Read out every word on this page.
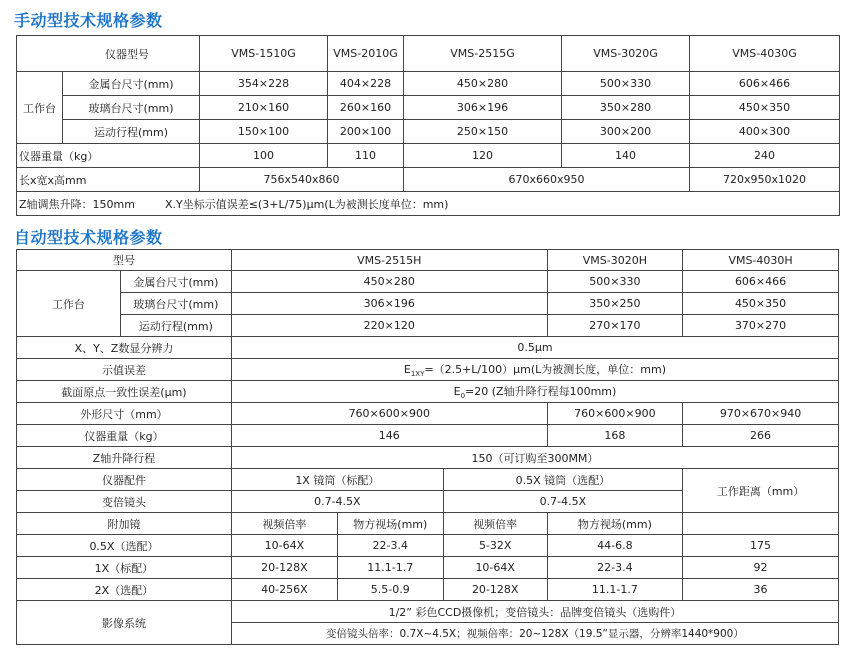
手动型技术规格参数
仪器型号		VMS-1510G	VMS-2010G	VMS-2515G	VMS-3020G	VMS-4030G
工作台	金属台尺寸(mm)	354×228	404×228	450×280	500×330	606×466
	玻璃台尺寸(mm)	210×160	260×160	306×196	350×280	450×350
	运动行程(mm)	150×100	200×100	250×150	300×200	400×300
仪器重量（kg）		100	110	120	140	240
长x宽x高mm		756x540x860		670x660x950		720x950x1020
Z轴调焦升降：150mm X.Y坐标示值误差≤(3+L/75)μm(L为被测长度单位：mm)						
自动型技术规格参数
型号		VMS-2515H			VMS-3020H	VMS-4030H
工作台	金属台尺寸(mm)	450×280			500×330	606×466
	玻璃台尺寸(mm)	306×196			350×250	450×350
	运动行程(mm)	220×120			270×170	370×270
X、Y、Z数显分辨力		0.5μm				
示值误差		$E_{1XY}=(2.5+L/100)\mu m(L$为被测长度，单位：mm)				
截面原点一致性误差(μm)		$E_0=20$ (Z轴升降行程每100mm)				
外形尺寸（mm）		760×600×900			760×600×900	970×670×940
仪器重量（kg）		146			168	266
Z轴升降行程		150（可订购至300MM）				
仪器配件		1X 镜筒（标配）		0.5X 镜筒（选配）		工作距离（mm）
变倍镜头		0.7-4.5X		0.7-4.5X		
附加镜		视频倍率	物方视场(mm)	视频倍率	物方视场(mm)	
0.5X（选配）		10-64X	22-3.4	5-32X	44-6.8	175
1X（标配）		20-128X	11.1-1.7	10-64X	22-3.4	92
2X（选配）		40-256X	5.5-0.9	20-128X	11.1-1.7	36
影像系统		1/2” 彩色CCD摄像机；变倍镜头：品牌变倍镜头（选购件）				
		变倍镜头倍率：0.7X~4.5X；视频倍率：20~128X（19.5”显示器，分辨率1440*900）				
